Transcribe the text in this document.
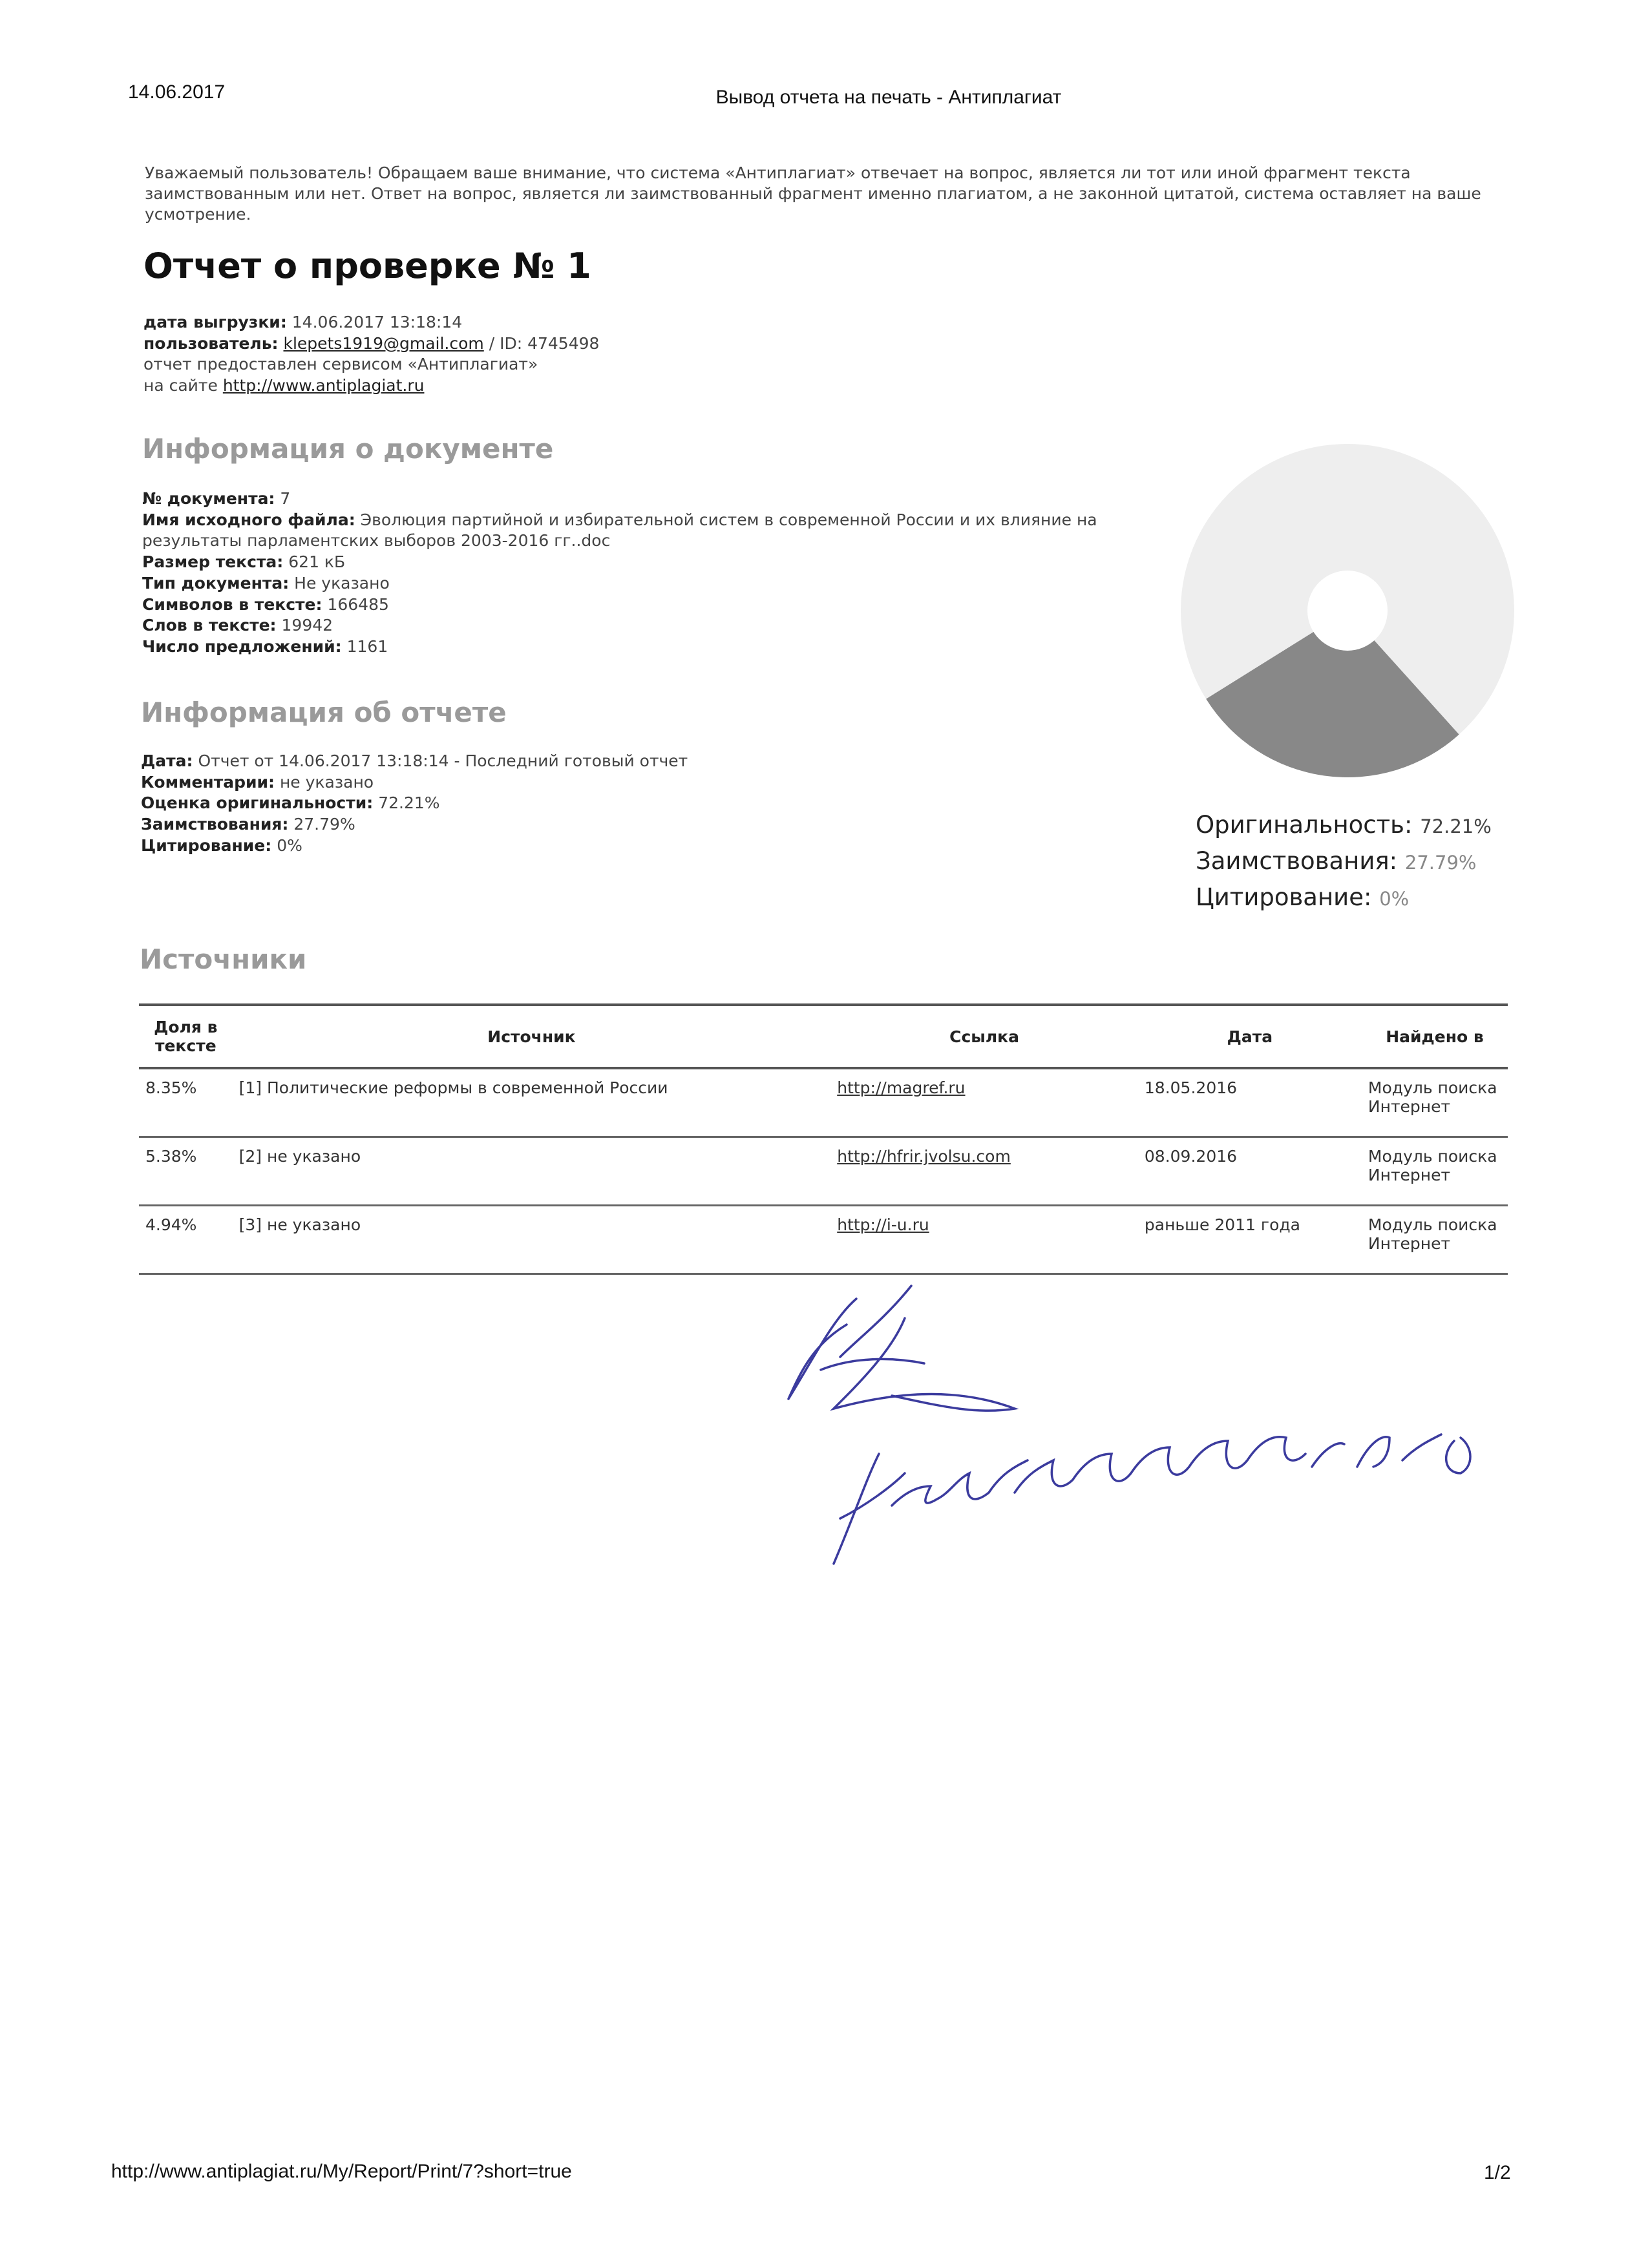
14.06.2017	Вывод отчета на печать - Антиплагиат
Уважаемый пользователь! Обращаем ваше внимание, что система «Антиплагиат» отвечает на вопрос, является ли тот или иной фрагмент текста заимствованным или нет. Ответ на вопрос, является ли заимствованный фрагмент именно плагиатом, а не законной цитатой, система оставляет на ваше усмотрение.
Отчет о проверке № 1
дата выгрузки: 14.06.2017 13:18:14
пользователь: klepets1919@gmail.com / ID: 4745498
отчет предоставлен сервисом «Антиплагиат»
на сайте http://www.antiplagiat.ru
Информация о документе
№ документа: 7
Имя исходного файла: Эволюция партийной и избирательной систем в современной России и их влияние на результаты парламентских выборов 2003-2016 гг..doc
Размер текста: 621 кБ
Тип документа: Не указано
Символов в тексте: 166485
Слов в тексте: 19942
Число предложений: 1161
Информация об отчете
Дата: Отчет от 14.06.2017 13:18:14 - Последний готовый отчет
Комментарии: не указано
Оценка оригинальности: 72.21%
Заимствования: 27.79%
Цитирование: 0%
Оригинальность: 72.21%
Заимствования: 27.79%
Цитирование: 0%
Источники
Доля в тексте	Источник	Ссылка	Дата	Найдено в
8.35%	[1] Политические реформы в современной России	http://magref.ru	18.05.2016	Модуль поиска Интернет
5.38%	[2] не указано	http://hfrir.jvolsu.com	08.09.2016	Модуль поиска Интернет
4.94%	[3] не указано	http://i-u.ru	раньше 2011 года	Модуль поиска Интернет
http://www.antiplagiat.ru/My/Report/Print/7?short=true	1/2
